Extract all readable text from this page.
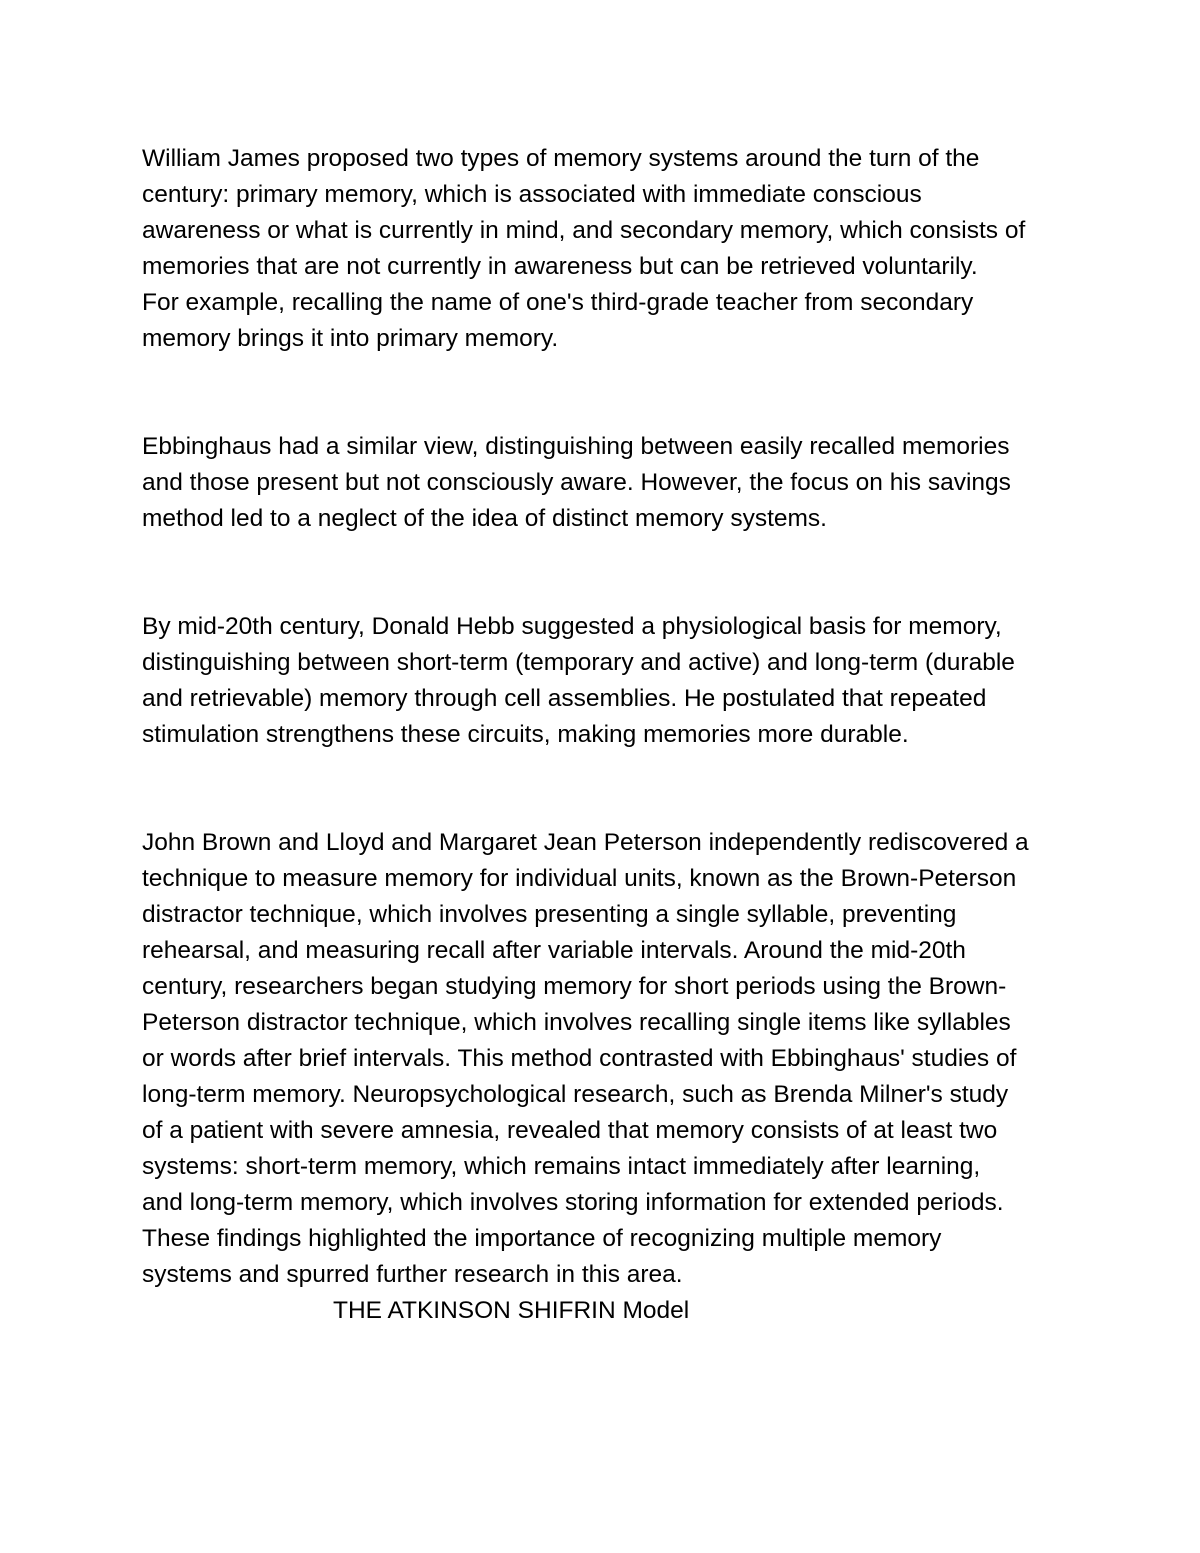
William James proposed two types of memory systems around the turn of the
century: primary memory, which is associated with immediate conscious
awareness or what is currently in mind, and secondary memory, which consists of
memories that are not currently in awareness but can be retrieved voluntarily.
For example, recalling the name of one's third-grade teacher from secondary
memory brings it into primary memory.

Ebbinghaus had a similar view, distinguishing between easily recalled memories
and those present but not consciously aware. However, the focus on his savings
method led to a neglect of the idea of distinct memory systems.

By mid-20th century, Donald Hebb suggested a physiological basis for memory,
distinguishing between short-term (temporary and active) and long-term (durable
and retrievable) memory through cell assemblies. He postulated that repeated
stimulation strengthens these circuits, making memories more durable.

John Brown and Lloyd and Margaret Jean Peterson independently rediscovered a
technique to measure memory for individual units, known as the Brown-Peterson
distractor technique, which involves presenting a single syllable, preventing
rehearsal, and measuring recall after variable intervals. Around the mid-20th
century, researchers began studying memory for short periods using the Brown-
Peterson distractor technique, which involves recalling single items like syllables
or words after brief intervals. This method contrasted with Ebbinghaus' studies of
long-term memory. Neuropsychological research, such as Brenda Milner's study
of a patient with severe amnesia, revealed that memory consists of at least two
systems: short-term memory, which remains intact immediately after learning,
and long-term memory, which involves storing information for extended periods.
These findings highlighted the importance of recognizing multiple memory
systems and spurred further research in this area.

THE ATKINSON SHIFRIN Model
